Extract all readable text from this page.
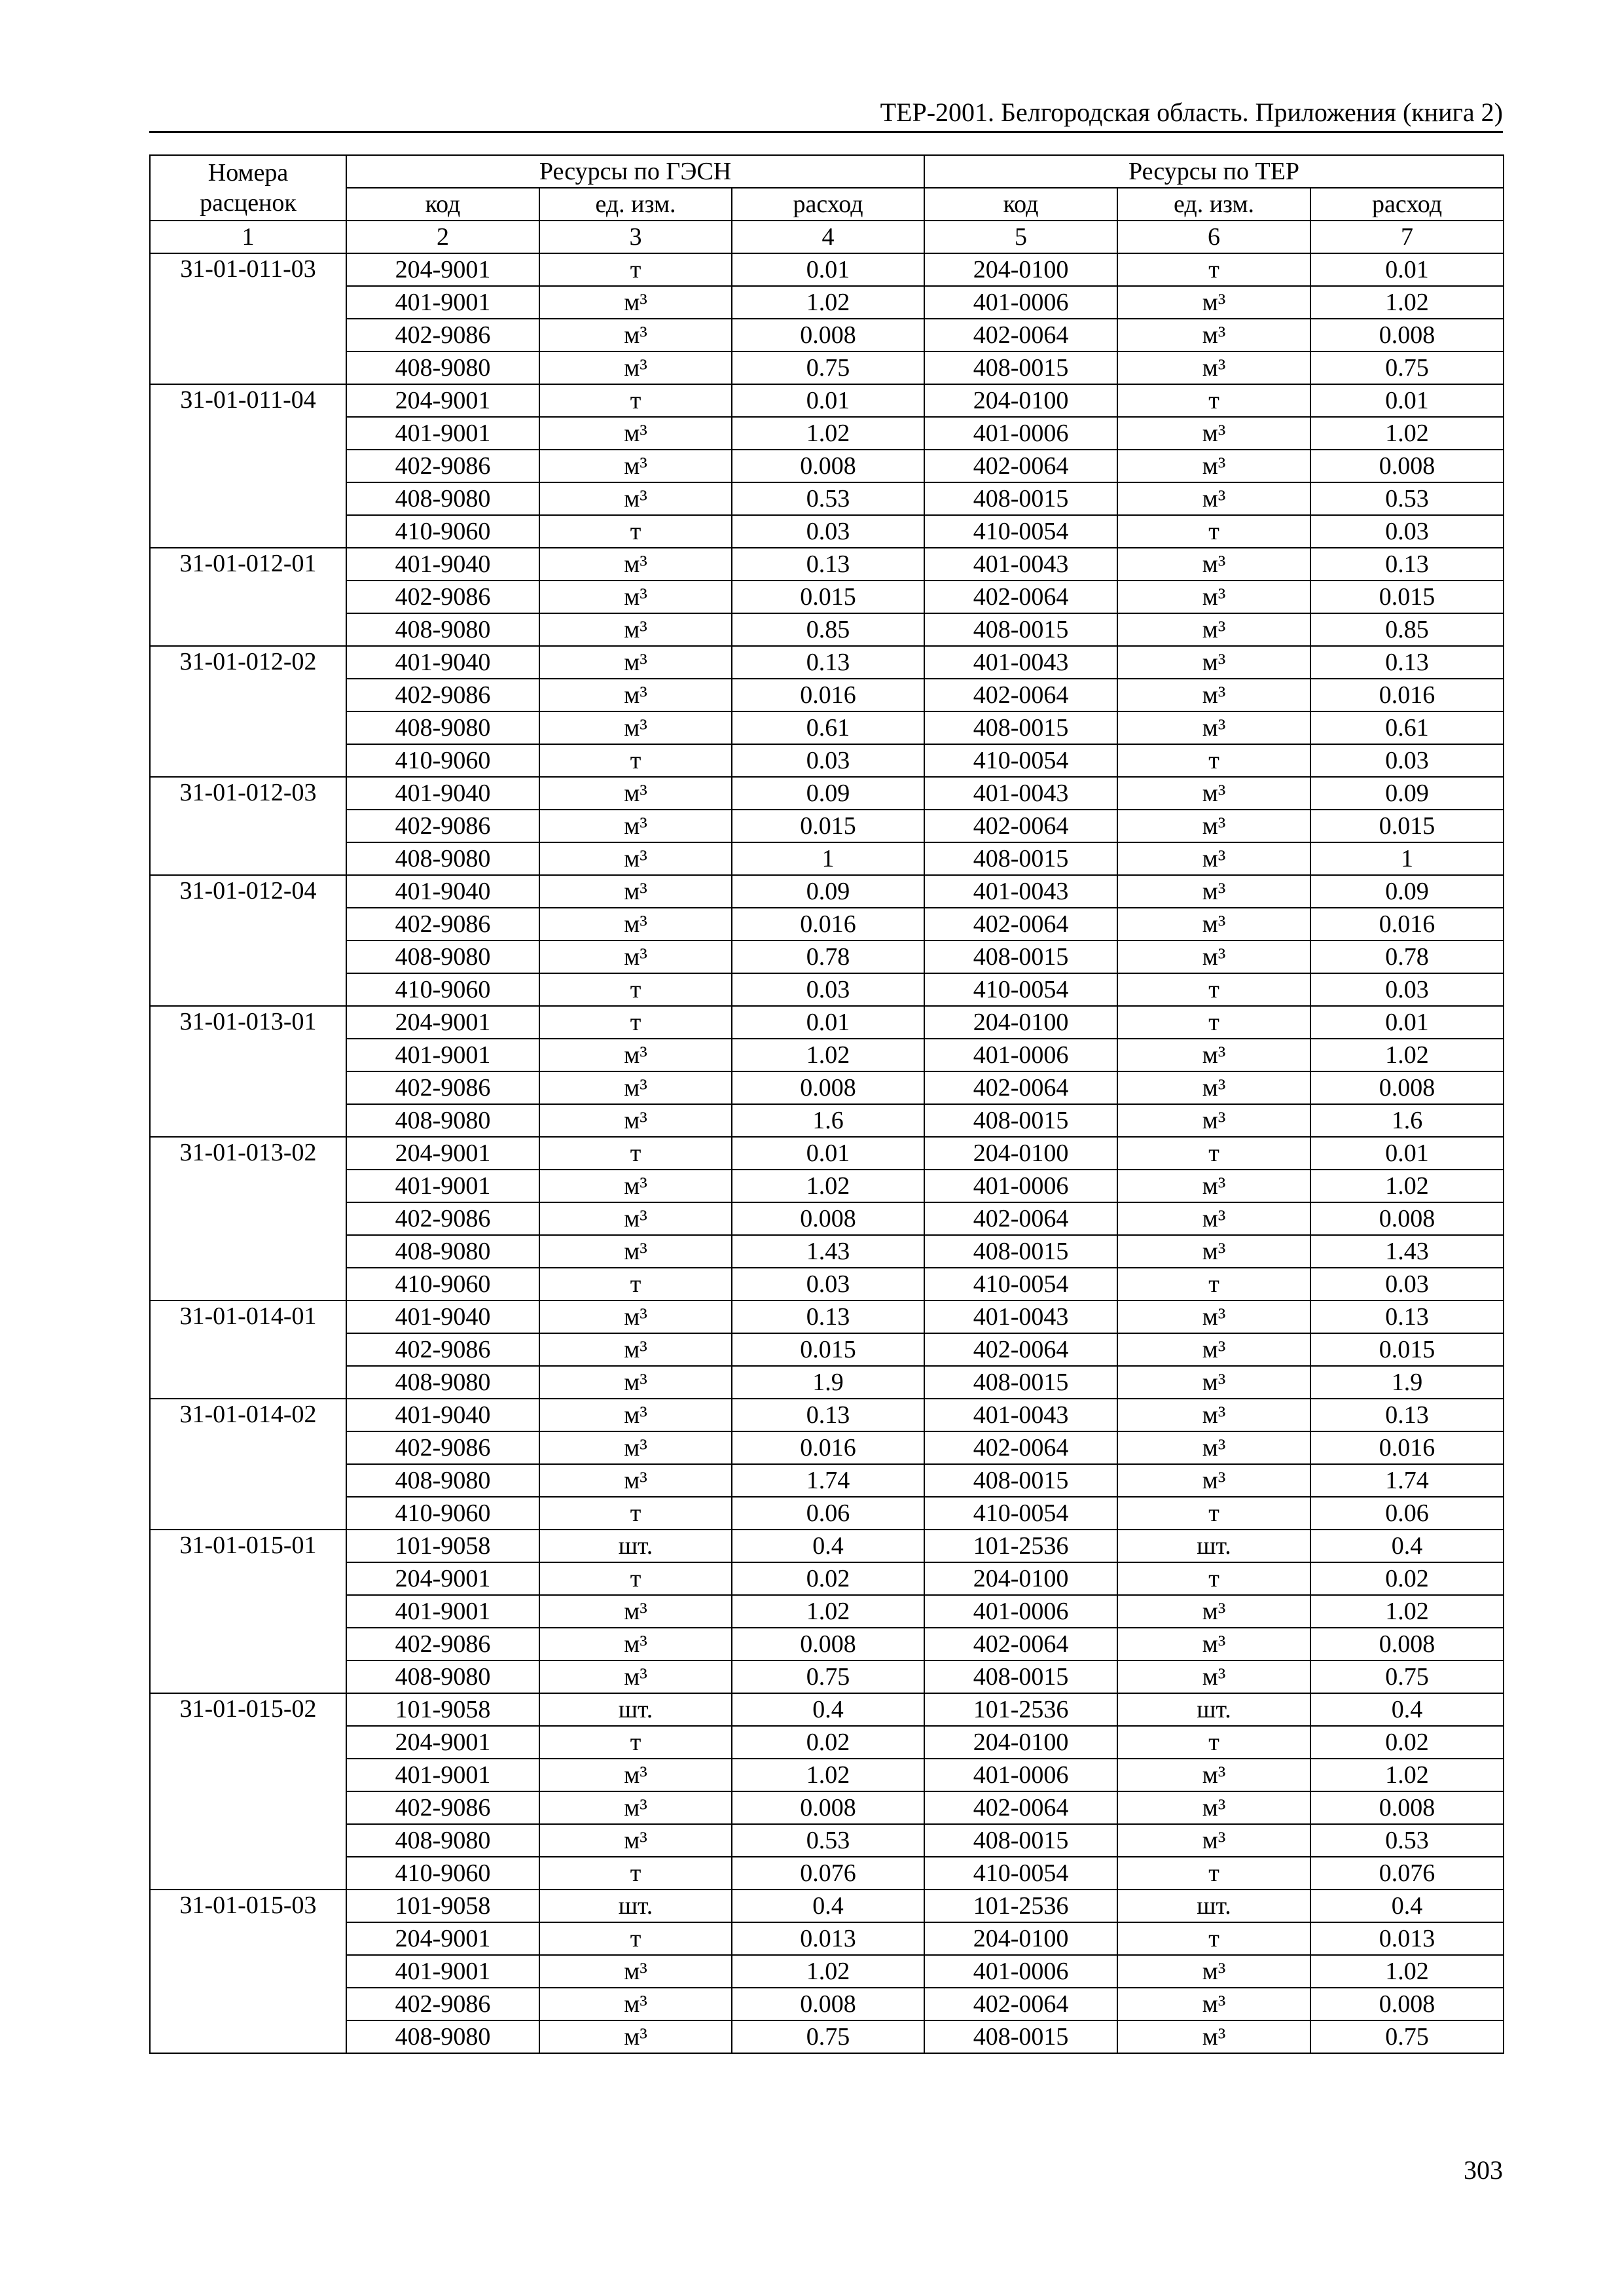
ТЕР-2001. Белгородская область. Приложения (книга 2)
Номера
расценок	Ресурсы по ГЭСН			Ресурсы по ТЕР		
	код	ед. изм.	расход	код	ед. изм.	расход
1	2	3	4	5	6	7
31-01-011-03	204-9001	т	0.01	204-0100	т	0.01
	401-9001	м³	1.02	401-0006	м³	1.02
	402-9086	м³	0.008	402-0064	м³	0.008
	408-9080	м³	0.75	408-0015	м³	0.75
31-01-011-04	204-9001	т	0.01	204-0100	т	0.01
	401-9001	м³	1.02	401-0006	м³	1.02
	402-9086	м³	0.008	402-0064	м³	0.008
	408-9080	м³	0.53	408-0015	м³	0.53
	410-9060	т	0.03	410-0054	т	0.03
31-01-012-01	401-9040	м³	0.13	401-0043	м³	0.13
	402-9086	м³	0.015	402-0064	м³	0.015
	408-9080	м³	0.85	408-0015	м³	0.85
31-01-012-02	401-9040	м³	0.13	401-0043	м³	0.13
	402-9086	м³	0.016	402-0064	м³	0.016
	408-9080	м³	0.61	408-0015	м³	0.61
	410-9060	т	0.03	410-0054	т	0.03
31-01-012-03	401-9040	м³	0.09	401-0043	м³	0.09
	402-9086	м³	0.015	402-0064	м³	0.015
	408-9080	м³	1	408-0015	м³	1
31-01-012-04	401-9040	м³	0.09	401-0043	м³	0.09
	402-9086	м³	0.016	402-0064	м³	0.016
	408-9080	м³	0.78	408-0015	м³	0.78
	410-9060	т	0.03	410-0054	т	0.03
31-01-013-01	204-9001	т	0.01	204-0100	т	0.01
	401-9001	м³	1.02	401-0006	м³	1.02
	402-9086	м³	0.008	402-0064	м³	0.008
	408-9080	м³	1.6	408-0015	м³	1.6
31-01-013-02	204-9001	т	0.01	204-0100	т	0.01
	401-9001	м³	1.02	401-0006	м³	1.02
	402-9086	м³	0.008	402-0064	м³	0.008
	408-9080	м³	1.43	408-0015	м³	1.43
	410-9060	т	0.03	410-0054	т	0.03
31-01-014-01	401-9040	м³	0.13	401-0043	м³	0.13
	402-9086	м³	0.015	402-0064	м³	0.015
	408-9080	м³	1.9	408-0015	м³	1.9
31-01-014-02	401-9040	м³	0.13	401-0043	м³	0.13
	402-9086	м³	0.016	402-0064	м³	0.016
	408-9080	м³	1.74	408-0015	м³	1.74
	410-9060	т	0.06	410-0054	т	0.06
31-01-015-01	101-9058	шт.	0.4	101-2536	шт.	0.4
	204-9001	т	0.02	204-0100	т	0.02
	401-9001	м³	1.02	401-0006	м³	1.02
	402-9086	м³	0.008	402-0064	м³	0.008
	408-9080	м³	0.75	408-0015	м³	0.75
31-01-015-02	101-9058	шт.	0.4	101-2536	шт.	0.4
	204-9001	т	0.02	204-0100	т	0.02
	401-9001	м³	1.02	401-0006	м³	1.02
	402-9086	м³	0.008	402-0064	м³	0.008
	408-9080	м³	0.53	408-0015	м³	0.53
	410-9060	т	0.076	410-0054	т	0.076
31-01-015-03	101-9058	шт.	0.4	101-2536	шт.	0.4
	204-9001	т	0.013	204-0100	т	0.013
	401-9001	м³	1.02	401-0006	м³	1.02
	402-9086	м³	0.008	402-0064	м³	0.008
	408-9080	м³	0.75	408-0015	м³	0.75
303
